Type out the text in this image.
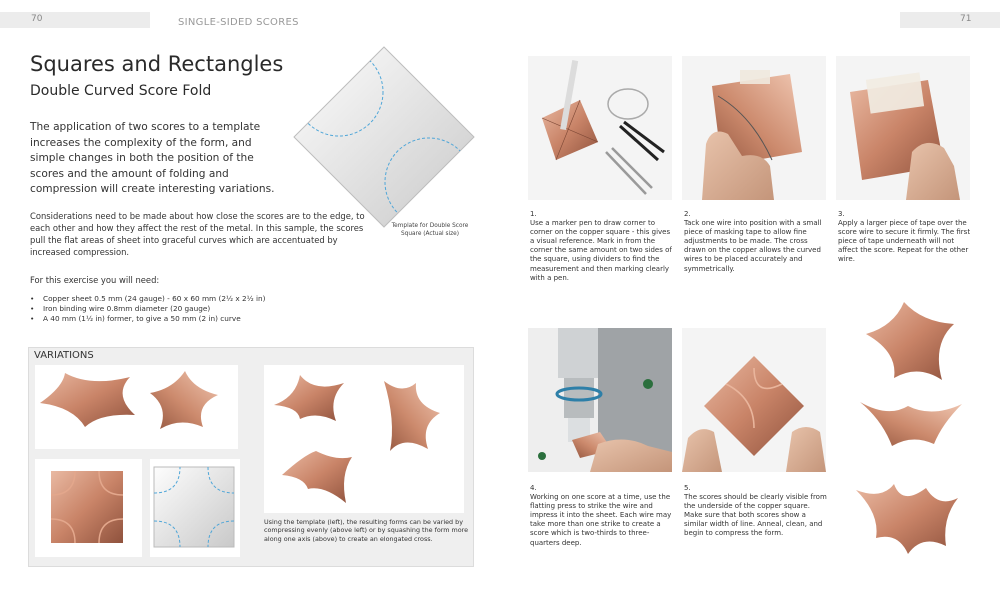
70	SINGLE-SIDED SCORES	71
Squares and Rectangles
Double Curved Score Fold
The application of two scores to a template increases the complexity of the form, and simple changes in both the position of the scores and the amount of folding and compression will create interesting variations.
Considerations need to be made about how close the scores are to the edge, to each other and how they affect the rest of the metal. In this sample, the scores pull the flat areas of sheet into graceful curves which are accentuated by increased compression.
For this exercise you will need:
• Copper sheet 0.5 mm (24 gauge) - 60 x 60 mm (2½ x 2½ in)
• Iron binding wire 0.8mm diameter (20 gauge)
• A 40 mm (1½ in) former, to give a 50 mm (2 in) curve
Template for Double Score Square (Actual size)
VARIATIONS
Using the template (left), the resulting forms can be varied by compressing evenly (above left) or by squashing the form more along one axis (above) to create an elongated cross.
1.
Use a marker pen to draw corner to corner on the copper square - this gives a visual reference. Mark in from the corner the same amount on two sides of the square, using dividers to find the measurement and then marking clearly with a pen.
2.
Tack one wire into position with a small piece of masking tape to allow fine adjustments to be made. The cross drawn on the copper allows the curved wires to be placed accurately and symmetrically.
3.
Apply a larger piece of tape over the score wire to secure it firmly. The first piece of tape underneath will not affect the score. Repeat for the other wire.
4.
Working on one score at a time, use the flatting press to strike the wire and impress it into the sheet. Each wire may take more than one strike to create a score which is two-thirds to three-quarters deep.
5.
The scores should be clearly visible from the underside of the copper square. Make sure that both scores show a similar width of line. Anneal, clean, and begin to compress the form.
